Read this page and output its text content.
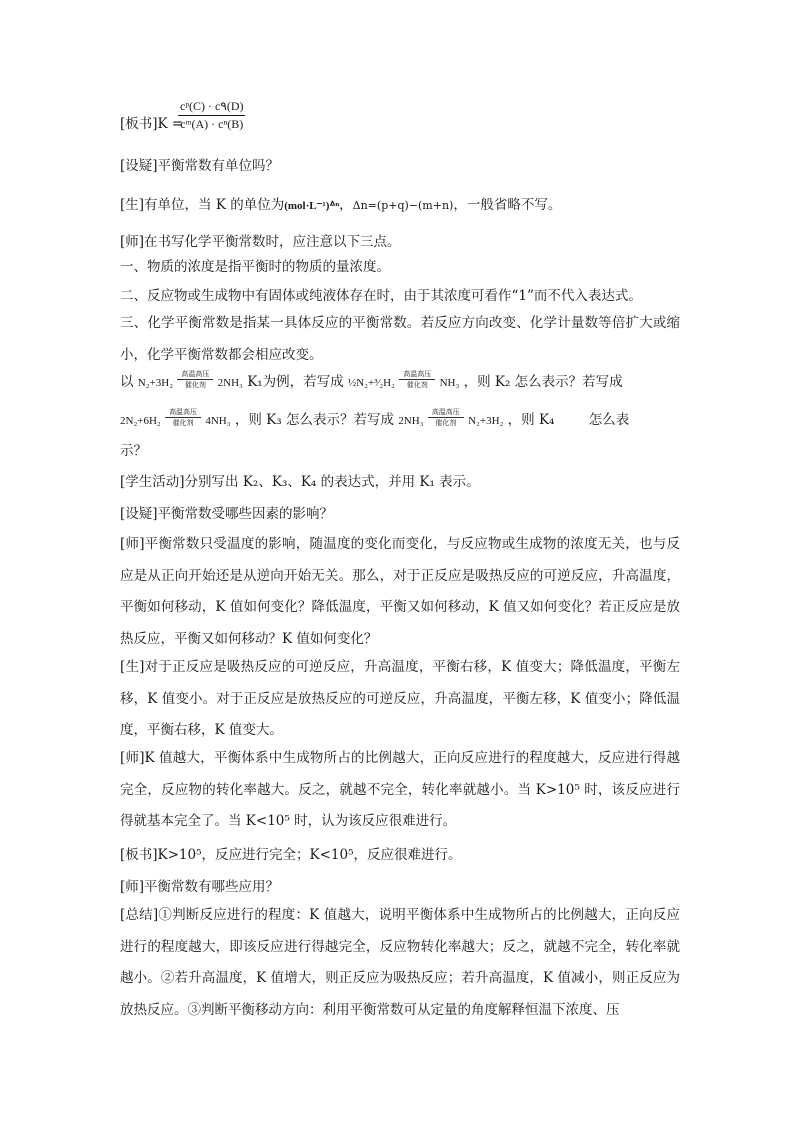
[板书]K =
$\frac{\text{cᵖ(C) · c۹(D)}}{\text{cᵐ(A) · cⁿ(B)}}$

[设疑]平衡常数有单位吗？

[生]有单位，当 K 的单位为(mol·L⁻¹)ᐞⁿ，Δn=(p+q)−(m+n)，一般省略不写。

[师]在书写化学平衡常数时，应注意以下三点。

一、物质的浓度是指平衡时的物质的量浓度。

二、反应物或生成物中有固体或纯液体存在时，由于其浓度可看作“1”而不代入表达式。

三、化学平衡常数是指某一具体反应的平衡常数。若反应方向改变、化学计量数等倍扩大或缩小，化学平衡常数都会相应改变。

以 N₂+3H₂ 高温高压
催化剂 2NH₃ K₁为例，若写成 ½N₂+³⁄₂H₂ 高温高压
催化剂 NH₃ ，则 K₂ 怎么表示？若写成
2N₂+6H₂ 高温高压
催化剂 4NH₃ ，则 K₃ 怎么表示？若写成 2NH₃ 高温高压
催化剂 N₂+3H₂ ，则 K₄	怎么表

示？

[学生活动]分别写出 K₂、K₃、K₄ 的表达式，并用 K₁ 表示。

[设疑]平衡常数受哪些因素的影响？

[师]平衡常数只受温度的影响，随温度的变化而变化，与反应物或生成物的浓度无关，也与反应是从正向开始还是从逆向开始无关。那么，对于正反应是吸热反应的可逆反应，升高温度，平衡如何移动，K 值如何变化？降低温度，平衡又如何移动，K 值又如何变化？若正反应是放热反应，平衡又如何移动？K 值如何变化？

[生]对于正反应是吸热反应的可逆反应，升高温度，平衡右移，K 值变大；降低温度，平衡左移，K 值变小。对于正反应是放热反应的可逆反应，升高温度，平衡左移，K 值变小；降低温度，平衡右移，K 值变大。

[师]K 值越大，平衡体系中生成物所占的比例越大，正向反应进行的程度越大，反应进行得越完全，反应物的转化率越大。反之，就越不完全，转化率就越小。当 K>10⁵ 时，该反应进行得就基本完全了。当 K<10⁵ 时，认为该反应很难进行。

[板书]K>10⁵，反应进行完全；K<10⁵，反应很难进行。

[师]平衡常数有哪些应用？

[总结]①判断反应进行的程度：K 值越大，说明平衡体系中生成物所占的比例越大，正向反应进行的程度越大，即该反应进行得越完全，反应物转化率越大；反之，就越不完全，转化率就越小。②若升高温度，K 值增大，则正反应为吸热反应；若升高温度，K 值减小，则正反应为放热反应。③判断平衡移动方向：利用平衡常数可从定量的角度解释恒温下浓度、压
